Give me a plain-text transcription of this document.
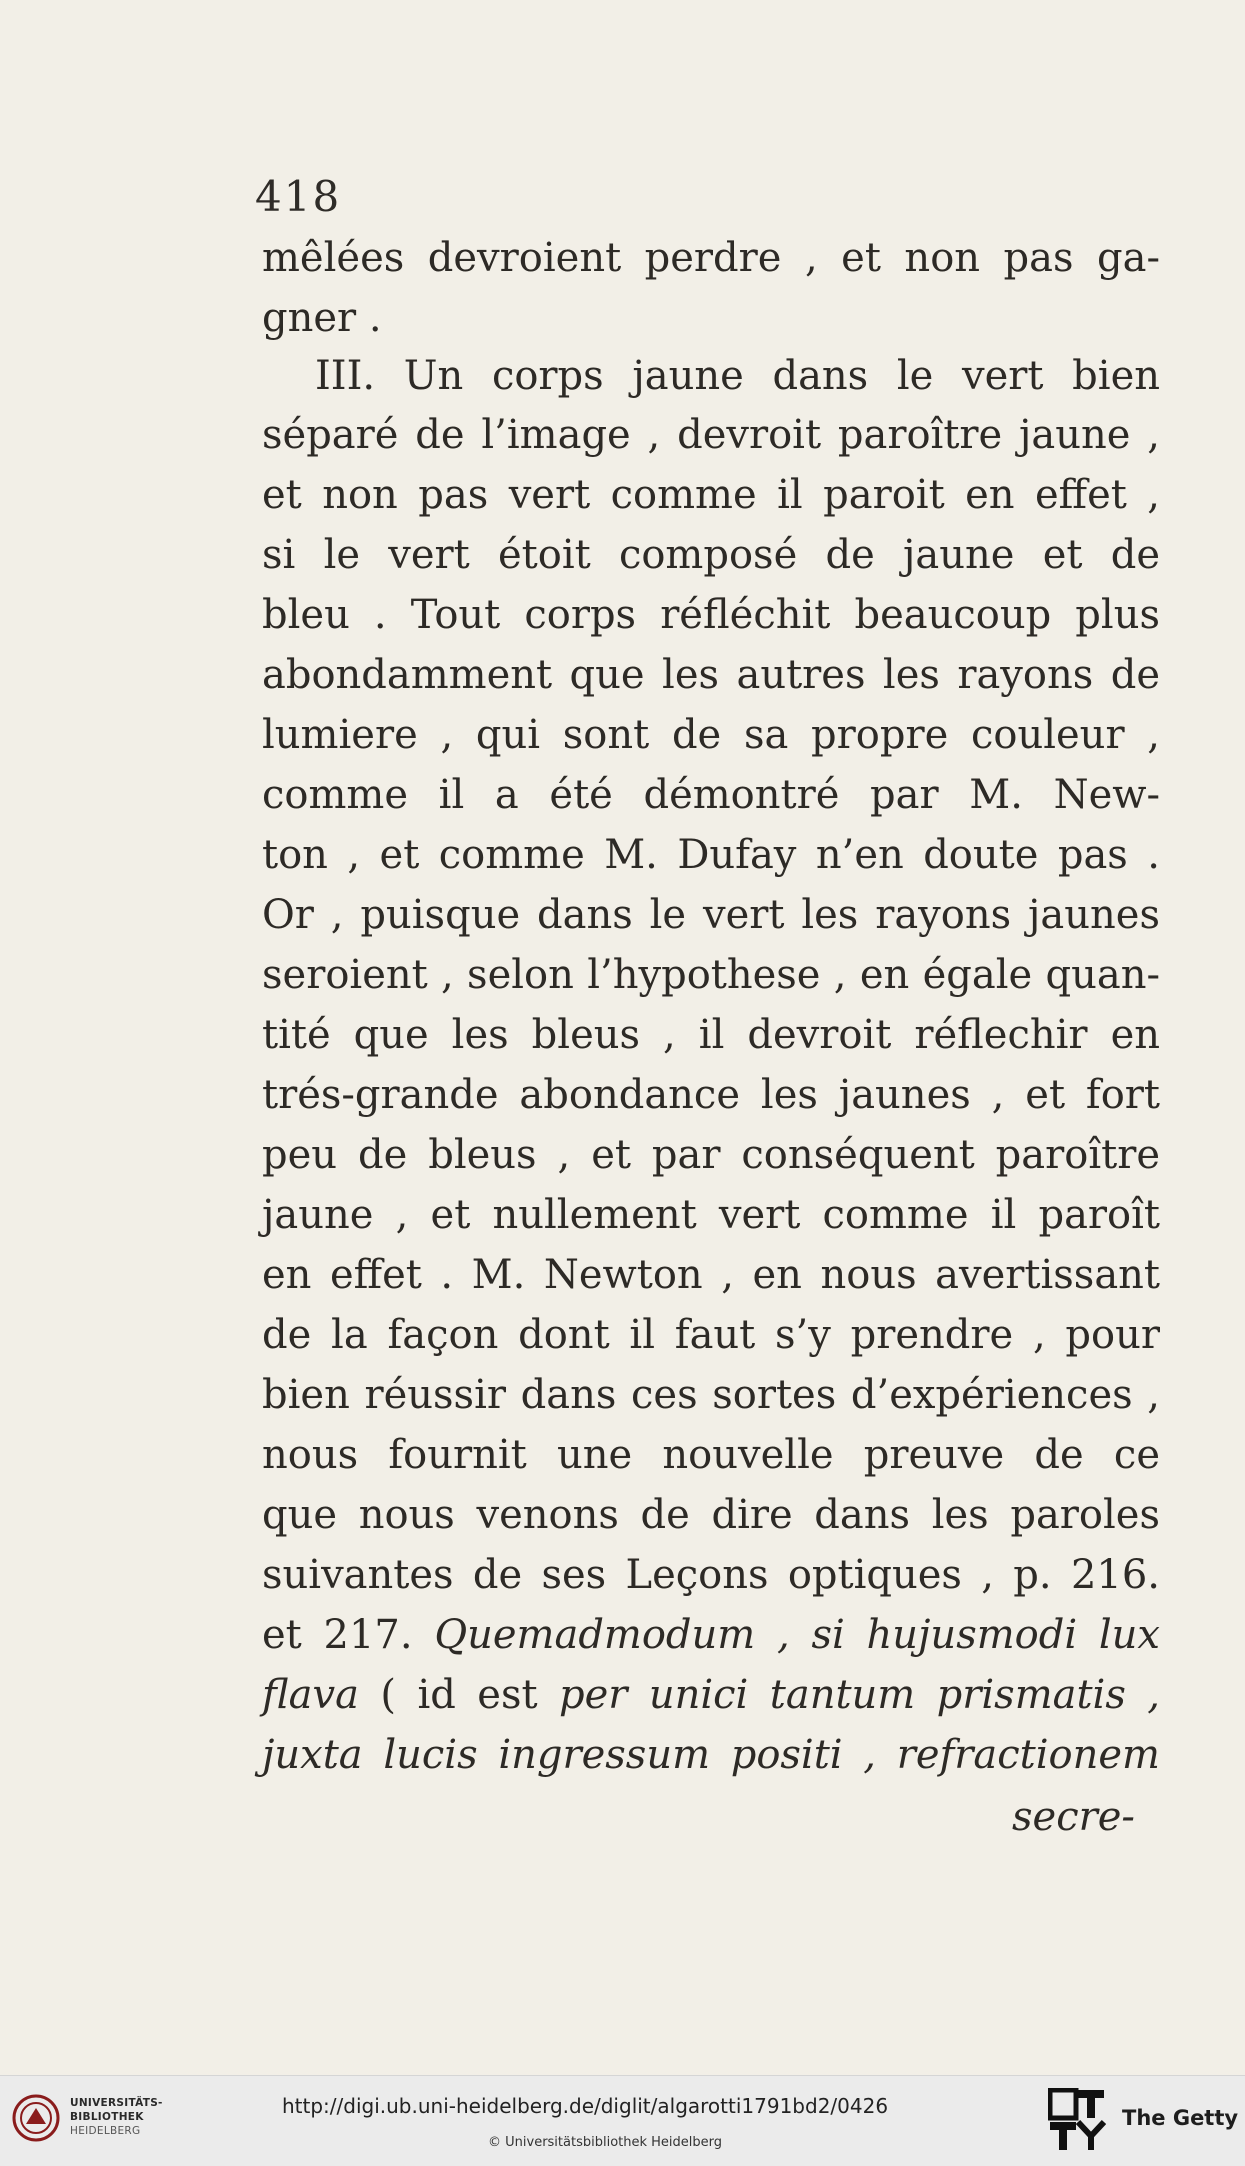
418
mêlées devroient perdre , et non pas ga-
gner .
III. Un corps jaune dans le vert bien
séparé de l’image , devroit paroître jaune ,
et non pas vert comme il paroit en effet ,
si le vert étoit composé de jaune et de
bleu . Tout corps réfléchit beaucoup plus
abondamment que les autres les rayons de
lumiere , qui sont de sa propre couleur ,
comme il a été démontré par M. New-
ton , et comme M. Dufay n’en doute pas .
Or , puisque dans le vert les rayons jaunes
seroient , selon l’hypothese , en égale quan-
tité que les bleus , il devroit réflechir en
trés-grande abondance les jaunes , et fort
peu de bleus , et par conséquent paroître
jaune , et nullement vert comme il paroît
en effet . M. Newton , en nous avertissant
de la façon dont il faut s’y prendre , pour
bien réussir dans ces sortes d’expériences ,
nous fournit une nouvelle preuve de ce
que nous venons de dire dans les paroles
suivantes de ses Leçons optiques , p. 216.
et 217. Quemadmodum , si hujusmodi lux
flava ( id est per unici tantum prismatis ,
juxta lucis ingressum positi , refractionem
secre-
UNIVERSITÄTS-
BIBLIOTHEK
HEIDELBERG
http://digi.ub.uni-heidelberg.de/diglit/algarotti1791bd2/0426
© Universitätsbibliothek Heidelberg
The Getty
